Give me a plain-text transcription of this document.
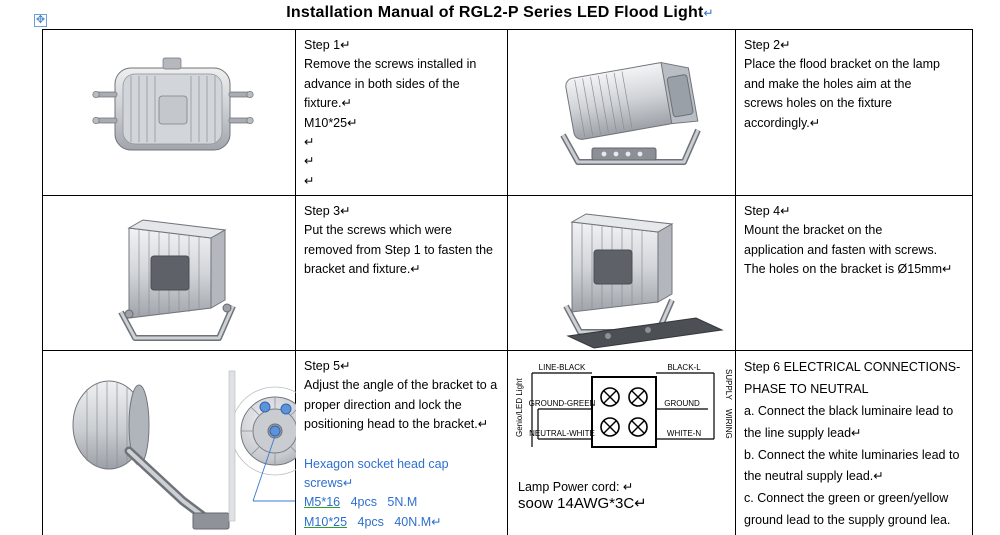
Installation Manual of RGL2-P Series LED Flood Light↵
✥

Step 1↵

Remove the screws installed in

advance in both sides of the fixture.↵

M10*25↵

↵

↵

↵

Step 2↵

Place the flood bracket on the lamp

and make the holes aim at the

screws holes on the fixture

accordingly.↵

Step 3↵

Put the screws which were

removed from Step 1 to fasten the

bracket and fixture.↵

Step 4↵

Mount the bracket on the

application and fasten with screws.

The holes on the bracket is Ø15mm↵

Step 5↵

Adjust the angle of the bracket to a

proper direction and lock the

positioning head to the bracket.↵

Hexagon socket head cap screws↵

M5*16 4pcs 5N.M

M10*25 4pcs 40N.M↵

LINE-BLACK
GROUND-GREEN
NEUTRAL-WHITE
BLACK-L
GROUND
WHITE-N
Genio/LED Light	SUPPLY
WIRING
Lamp Power cord: ↵
soow 14AWG*3C↵

Step 6 ELECTRICAL CONNECTIONS-

PHASE TO NEUTRAL

a. Connect the black luminaire lead to

the line supply lead↵

b. Connect the white luminaries lead to

the neutral supply lead.↵

c. Connect the green or green/yellow

ground lead to the supply ground lea.
